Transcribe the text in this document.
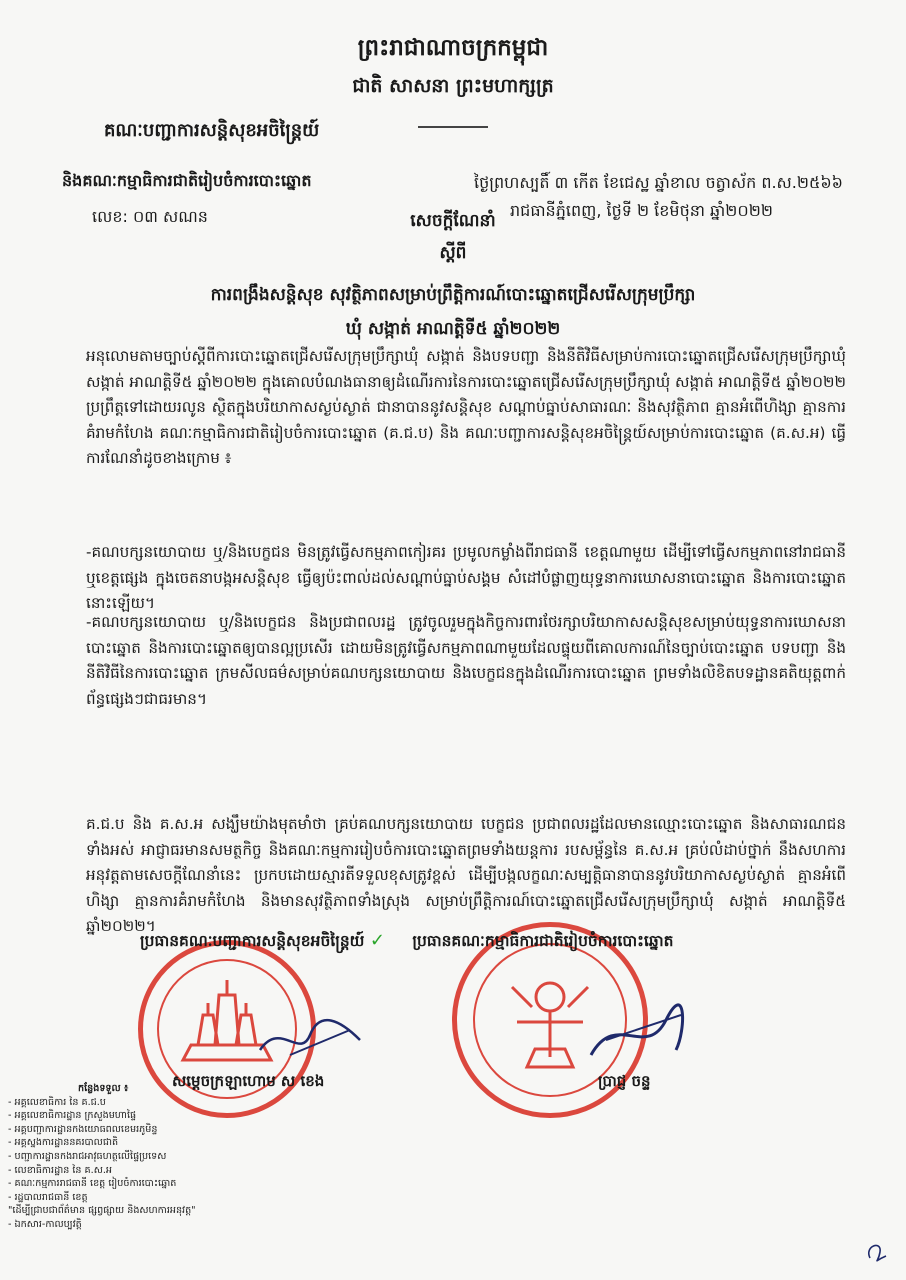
ព្រះរាជាណាចក្រកម្ពុជា
ជាតិ សាសនា ព្រះមហាក្សត្រ
គណៈបញ្ជាការសន្តិសុខអចិន្ត្រៃយ៍
និងគណៈកម្មាធិការជាតិរៀបចំការបោះឆ្នោត
លេខ: ០៣ សណន
ថ្ងៃព្រហស្បតិ៍ ៣ កើត ខែជេស្ឋ ឆ្នាំខាល ចត្វាស័ក ព.ស.២៥៦៦
រាជធានីភ្នំពេញ, ថ្ងៃទី ២ ខែមិថុនា ឆ្នាំ២០២២
សេចក្តីណែនាំ
ស្តីពី
ការពង្រឹងសន្តិសុខ សុវត្ថិភាពសម្រាប់ព្រឹត្តិការណ៍បោះឆ្នោតជ្រើសរើសក្រុមប្រឹក្សា
ឃុំ សង្កាត់ អាណត្តិទី៥ ឆ្នាំ២០២២
អនុលោមតាមច្បាប់ស្តីពីការបោះឆ្នោតជ្រើសរើសក្រុមប្រឹក្សាឃុំ សង្កាត់ និងបទបញ្ជា និងនីតិវិធីសម្រាប់ការបោះឆ្នោតជ្រើសរើសក្រុមប្រឹក្សាឃុំ សង្កាត់ អាណត្តិទី៥ ឆ្នាំ២០២២ ក្នុងគោលបំណងធានាឲ្យដំណើរការនៃការបោះឆ្នោតជ្រើសរើសក្រុមប្រឹក្សាឃុំ សង្កាត់ អាណត្តិទី៥ ឆ្នាំ២០២២ ប្រព្រឹត្តទៅដោយរលូន ស្ថិតក្នុងបរិយាកាសស្ងប់ស្ងាត់ ជានាបាននូវសន្តិសុខ សណ្តាប់ធ្នាប់សាធារណៈ និងសុវត្ថិភាព គ្មានអំពើហិង្សា គ្មានការគំរាមកំហែង គណៈកម្មាធិការជាតិរៀបចំការបោះឆ្នោត (គ.ជ.ប) និង គណៈបញ្ជាការសន្តិសុខអចិន្ត្រៃយ៍សម្រាប់ការបោះឆ្នោត (គ.ស.អ) ធ្វើការណែនាំដូចខាងក្រោម ៖
-គណបក្សនយោបាយ ឬ/និងបេក្ខជន មិនត្រូវធ្វើសកម្មភាពកៀរគរ ប្រមូលកម្លាំងពីរាជធានី ខេត្តណាមួយ ដើម្បីទៅធ្វើសកម្មភាពនៅរាជធានី ឬខេត្តផ្សេង ក្នុងចេតនាបង្កអសន្តិសុខ ធ្វើឲ្យប៉ះពាល់ដល់សណ្តាប់ធ្នាប់សង្គម សំដៅបំផ្លាញយុទ្ធនាការឃោសនាបោះឆ្នោត និងការបោះឆ្នោតនោះឡើយ។
-គណបក្សនយោបាយ ឬ/និងបេក្ខជន និងប្រជាពលរដ្ឋ ត្រូវចូលរួមក្នុងកិច្ចការពារថែរក្សាបរិយាកាសសន្តិសុខសម្រាប់យុទ្ធនាការឃោសនាបោះឆ្នោត និងការបោះឆ្នោតឲ្យបានល្អប្រសើរ ដោយមិនត្រូវធ្វើសកម្មភាពណាមួយដែលផ្ទុយពីគោលការណ៍នៃច្បាប់បោះឆ្នោត បទបញ្ជា និងនីតិវិធីនៃការបោះឆ្នោត ក្រមសីលធម៌សម្រាប់គណបក្សនយោបាយ និងបេក្ខជនក្នុងដំណើរការបោះឆ្នោត ព្រមទាំងលិខិតបទដ្ឋានគតិយុត្តពាក់ព័ន្ធផ្សេងៗជាធរមាន។
គ.ជ.ប និង គ.ស.អ សង្ឃឹមយ៉ាងមុតមាំថា គ្រប់គណបក្សនយោបាយ បេក្ខជន ប្រជាពលរដ្ឋដែលមានឈ្មោះបោះឆ្នោត និងសាធារណជនទាំងអស់ អាជ្ញាធរមានសមត្ថកិច្ច និងគណៈកម្មការរៀបចំការបោះឆ្នោតព្រមទាំងយន្តការ របសម្ព័ន្ធនៃ គ.ស.អ គ្រប់លំដាប់ថ្នាក់ នឹងសហការអនុវត្តតាមសេចក្តីណែនាំនេះ ប្រកបដោយស្មារតីទទួលខុសត្រូវខ្ពស់ ដើម្បីបង្កលក្ខណៈសម្បត្តិធានាបាននូវបរិយាកាសស្ងប់ស្ងាត់ គ្មានអំពើហិង្សា គ្មានការគំរាមកំហែង និងមានសុវត្ថិភាពទាំងស្រុង សម្រាប់ព្រឹត្តិការណ៍បោះឆ្នោតជ្រើសរើសក្រុមប្រឹក្សាឃុំ សង្កាត់ អាណត្តិទី៥ ឆ្នាំ២០២២។
ប្រធានគណៈបញ្ជាការសន្តិសុខអចិន្ត្រៃយ៍ ✓ ប្រធានគណៈកម្មាធិការជាតិរៀបចំការបោះឆ្នោត
សម្តេចក្រឡាហោម ស ខេង	ប្រាជ្ញ ចន្ទ
កន្លែងទទួល ៖
- អគ្គលេខាធិការ នៃ គ.ជ.ប
- អគ្គលេខាធិការដ្ឋាន ក្រសួងមហាផ្ទៃ
- អគ្គបញ្ជាការដ្ឋានកងយោធពលខេមរភូមិន្ទ
- អគ្គស្នងការដ្ឋាននគរបាលជាតិ
- បញ្ជាការដ្ឋានកងរាជអាវុធហត្ថលើផ្ទៃប្រទេស
- លេខាធិការដ្ឋាន នៃ គ.ស.អ
- គណៈកម្មការរាជធានី ខេត្ត រៀបចំការបោះឆ្នោត
- រដ្ឋបាលរាជធានី ខេត្ត
"ដើម្បីជ្រាបជាព័ត៌មាន ផ្សព្វផ្សាយ និងសហការអនុវត្ត"
- ឯកសារ-កាលប្បវត្តិ
